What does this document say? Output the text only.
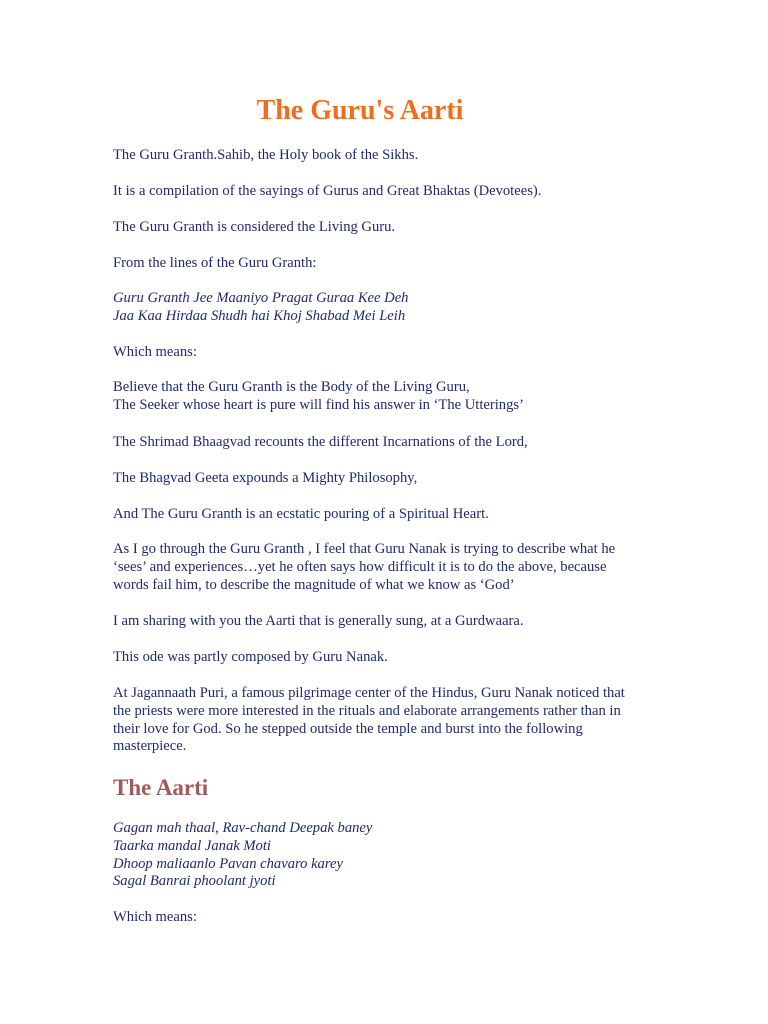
The Guru's Aarti

The Guru Granth.Sahib, the Holy book of the Sikhs.

It is a compilation of the sayings of Gurus and Great Bhaktas (Devotees).

The Guru Granth is considered the Living Guru.

From the lines of the Guru Granth:

Guru Granth Jee Maaniyo Pragat Guraa Kee Deh
Jaa Kaa Hirdaa Shudh hai Khoj Shabad Mei Leih

Which means:

Believe that the Guru Granth is the Body of the Living Guru,
The Seeker whose heart is pure will find his answer in ‘The Utterings’

The Shrimad Bhaagvad recounts the different Incarnations of the Lord,

The Bhagvad Geeta expounds a Mighty Philosophy,

And The Guru Granth is an ecstatic pouring of a Spiritual Heart.

As I go through the Guru Granth , I feel that Guru Nanak is trying to describe what he
‘sees’ and experiences…yet he often says how difficult it is to do the above, because
words fail him, to describe the magnitude of what we know as ‘God’

I am sharing with you the Aarti that is generally sung, at a Gurdwaara.

This ode was partly composed by Guru Nanak.

At Jagannaath Puri, a famous pilgrimage center of the Hindus, Guru Nanak noticed that
the priests were more interested in the rituals and elaborate arrangements rather than in
their love for God. So he stepped outside the temple and burst into the following
masterpiece.

The Aarti

Gagan mah thaal, Rav-chand Deepak baney
Taarka mandal Janak Moti
Dhoop maliaanlo Pavan chavaro karey
Sagal Banrai phoolant jyoti

Which means:
